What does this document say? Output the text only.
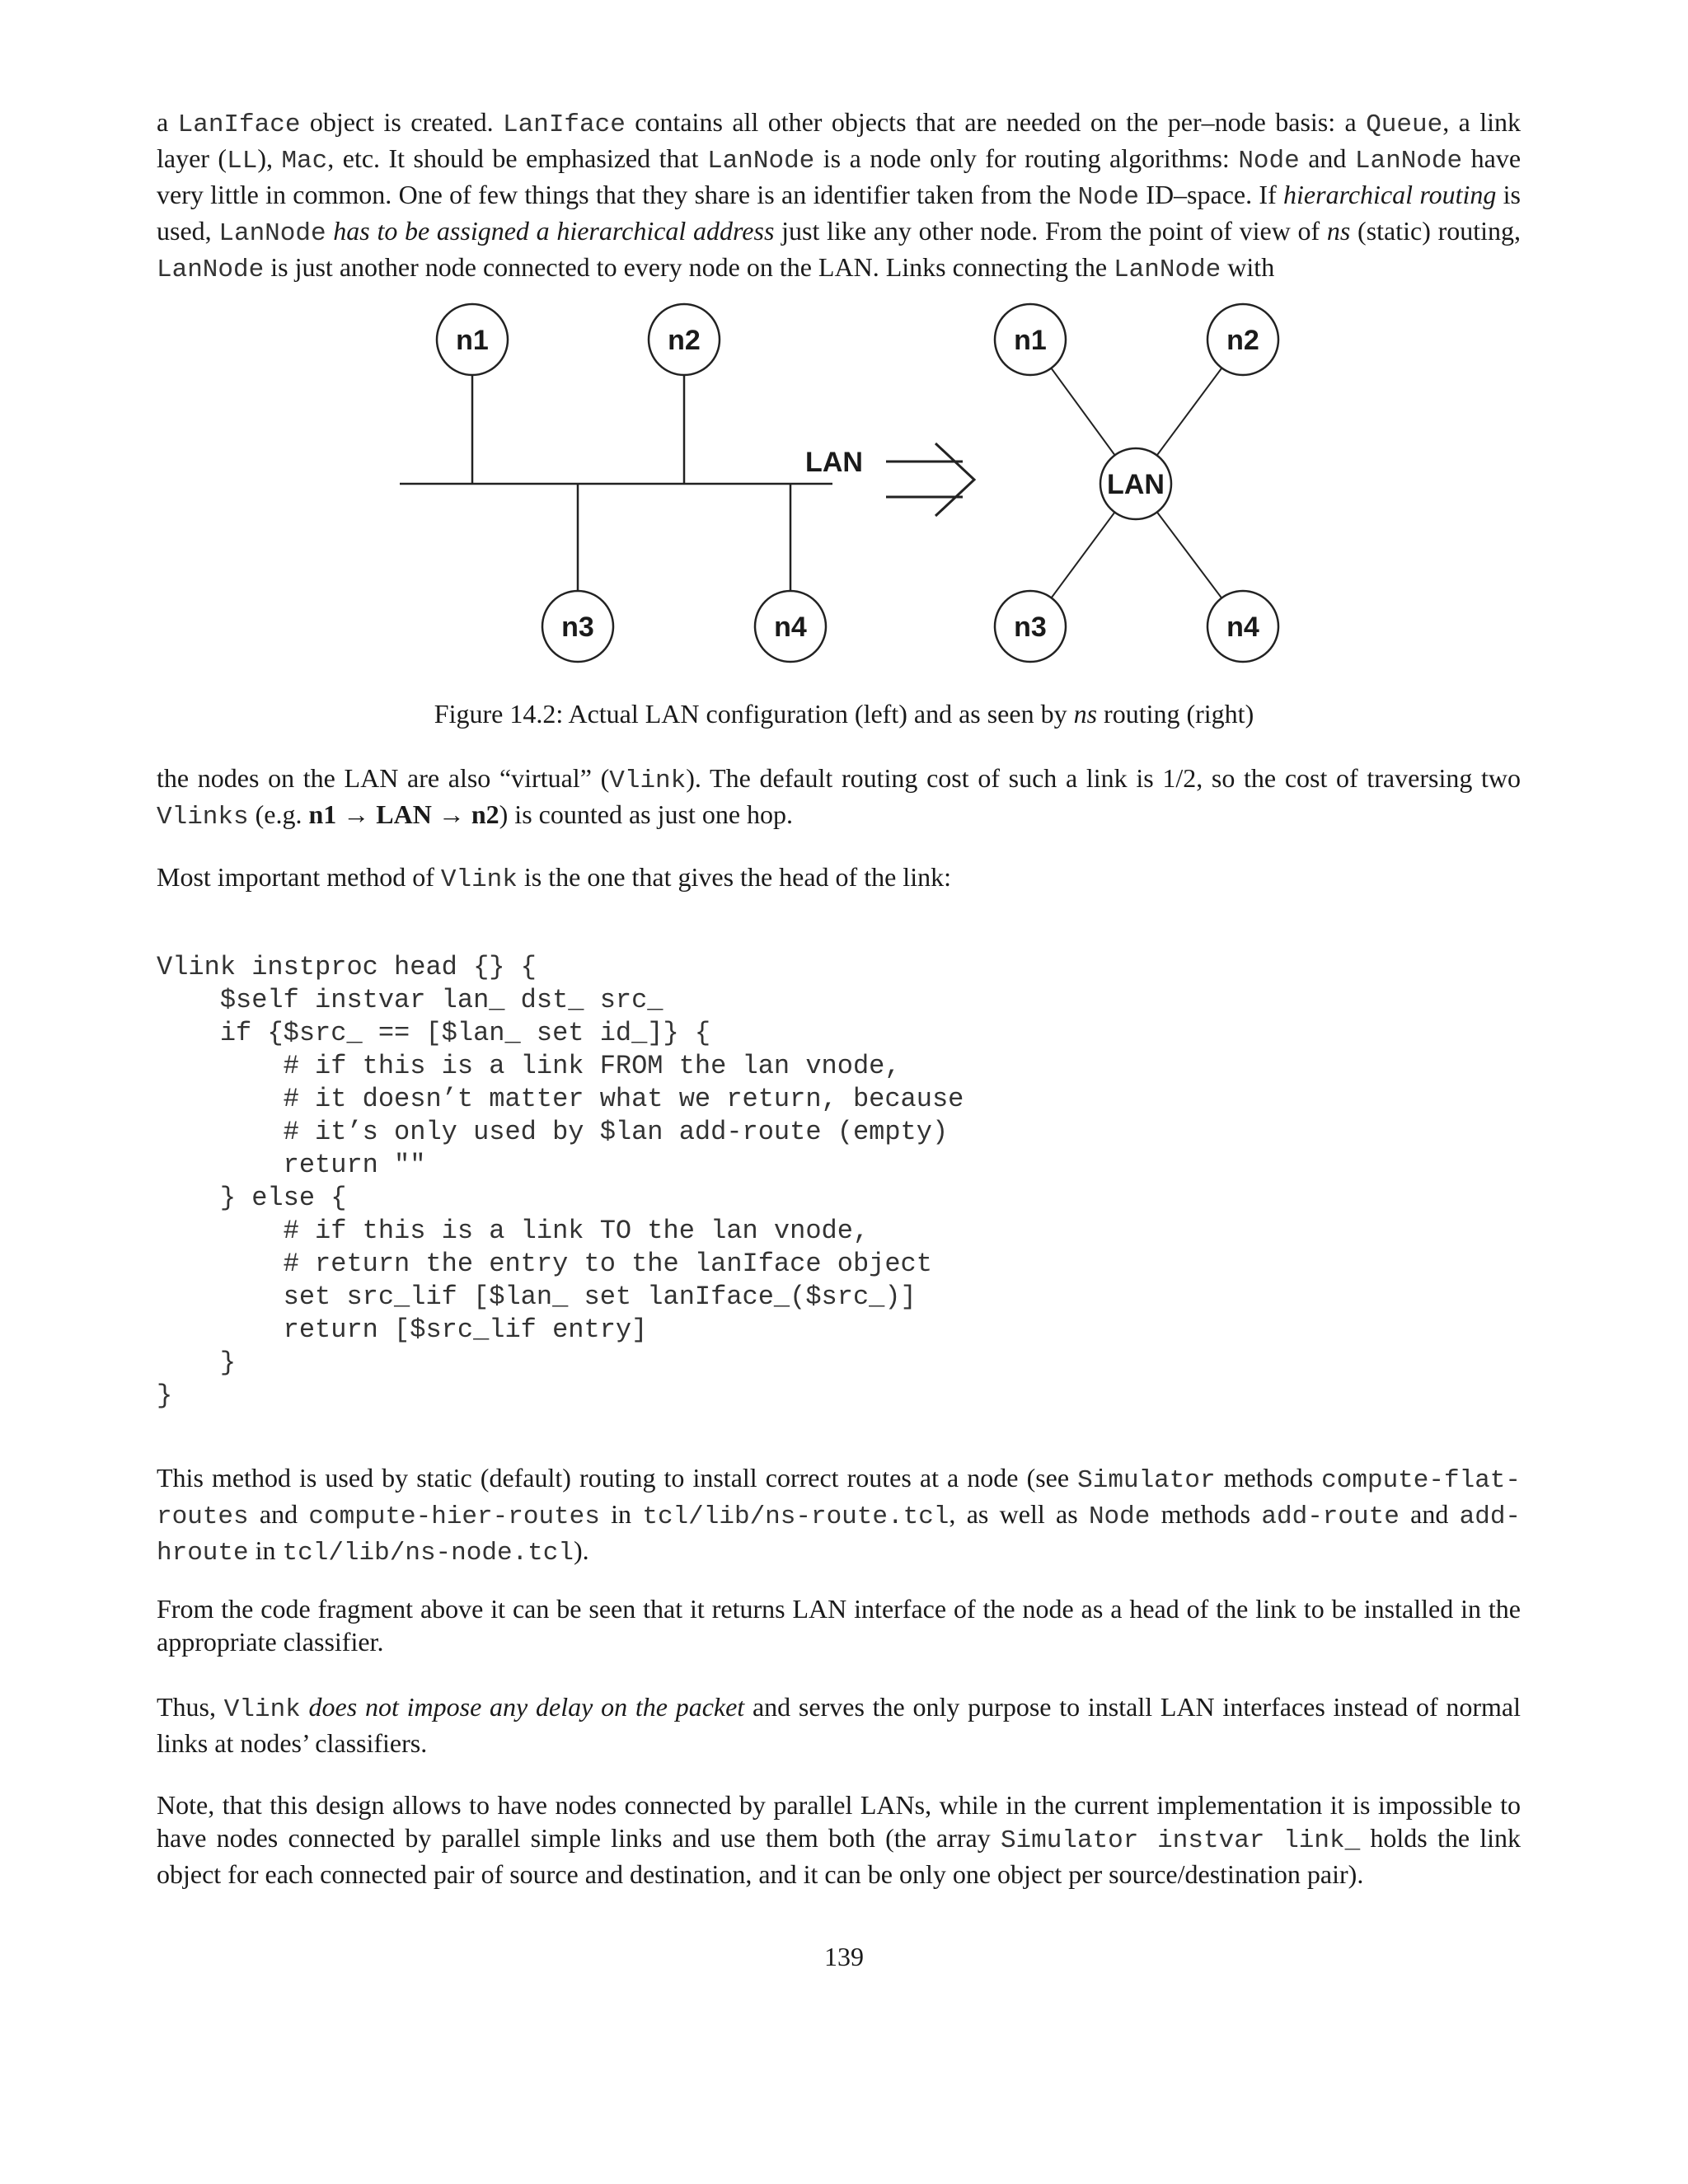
a LanIface object is created. LanIface contains all other objects that are needed on the per–node basis: a Queue, a link layer (LL), Mac, etc. It should be emphasized that LanNode is a node only for routing algorithms: Node and LanNode have very little in common. One of few things that they share is an identifier taken from the Node ID–space. If hierarchical routing is used, LanNode has to be assigned a hierarchical address just like any other node. From the point of view of ns (static) routing, LanNode is just another node connected to every node on the LAN. Links connecting the LanNode with

n1	n2
n3	n4
LAN
n1	n2
n3	n4
LAN
Figure 14.2: Actual LAN configuration (left) and as seen by ns routing (right)

the nodes on the LAN are also “virtual” (Vlink). The default routing cost of such a link is 1/2, so the cost of traversing two Vlinks (e.g. n1 → LAN → n2) is counted as just one hop.

Most important method of Vlink is the one that gives the head of the link:

Vlink instproc head {} {
$self instvar lan_ dst_ src_
if {$src_ == [$lan_ set id_]} {
# if this is a link FROM the lan vnode,
# it doesn’t matter what we return, because
# it’s only used by $lan add-route (empty)
return ""
} else {
# if this is a link TO the lan vnode,
# return the entry to the lanIface object
set src_lif [$lan_ set lanIface_($src_)]
return [$src_lif entry]
}
}

This method is used by static (default) routing to install correct routes at a node (see Simulator methods compute-flat-routes and compute-hier-routes in tcl/lib/ns-route.tcl, as well as Node methods add-route and add-hroute in tcl/lib/ns-node.tcl).

From the code fragment above it can be seen that it returns LAN interface of the node as a head of the link to be installed in the appropriate classifier.

Thus, Vlink does not impose any delay on the packet and serves the only purpose to install LAN interfaces instead of normal links at nodes’ classifiers.

Note, that this design allows to have nodes connected by parallel LANs, while in the current implementation it is impossible to have nodes connected by parallel simple links and use them both (the array Simulator instvar link_ holds the link object for each connected pair of source and destination, and it can be only one object per source/destination pair).

139
